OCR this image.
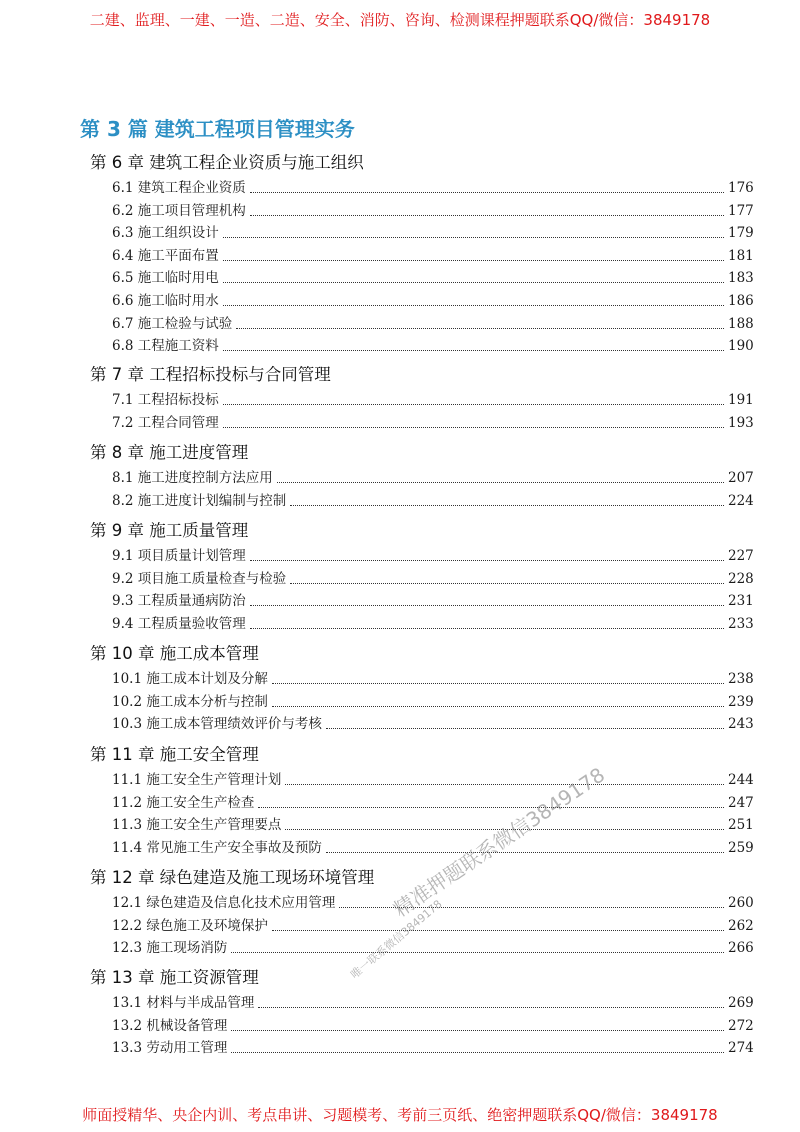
二建、监理、一建、一造、二造、安全、消防、咨询、检测课程押题联系QQ/微信：3849178
第 3 篇 建筑工程项目管理实务
第 6 章 建筑工程企业资质与施工组织
6.1 建筑工程企业资质	176
6.2 施工项目管理机构	177
6.3 施工组织设计	179
6.4 施工平面布置	181
6.5 施工临时用电	183
6.6 施工临时用水	186
6.7 施工检验与试验	188
6.8 工程施工资料	190
第 7 章 工程招标投标与合同管理
7.1 工程招标投标	191
7.2 工程合同管理	193
第 8 章 施工进度管理
8.1 施工进度控制方法应用	207
8.2 施工进度计划编制与控制	224
第 9 章 施工质量管理
9.1 项目质量计划管理	227
9.2 项目施工质量检查与检验	228
9.3 工程质量通病防治	231
9.4 工程质量验收管理	233
第 10 章 施工成本管理
10.1 施工成本计划及分解	238
10.2 施工成本分析与控制	239
10.3 施工成本管理绩效评价与考核	243
第 11 章 施工安全管理
11.1 施工安全生产管理计划	244
11.2 施工安全生产检查	247
11.3 施工安全生产管理要点	251
11.4 常见施工生产安全事故及预防	259
第 12 章 绿色建造及施工现场环境管理
12.1 绿色建造及信息化技术应用管理	260
12.2 绿色施工及环境保护	262
12.3 施工现场消防	266
第 13 章 施工资源管理
13.1 材料与半成品管理	269
13.2 机械设备管理	272
13.3 劳动用工管理	274
精准押题联系微信3849178
唯一联系微信3849178
师面授精华、央企内训、考点串讲、习题模考、考前三页纸、绝密押题联系QQ/微信：3849178
